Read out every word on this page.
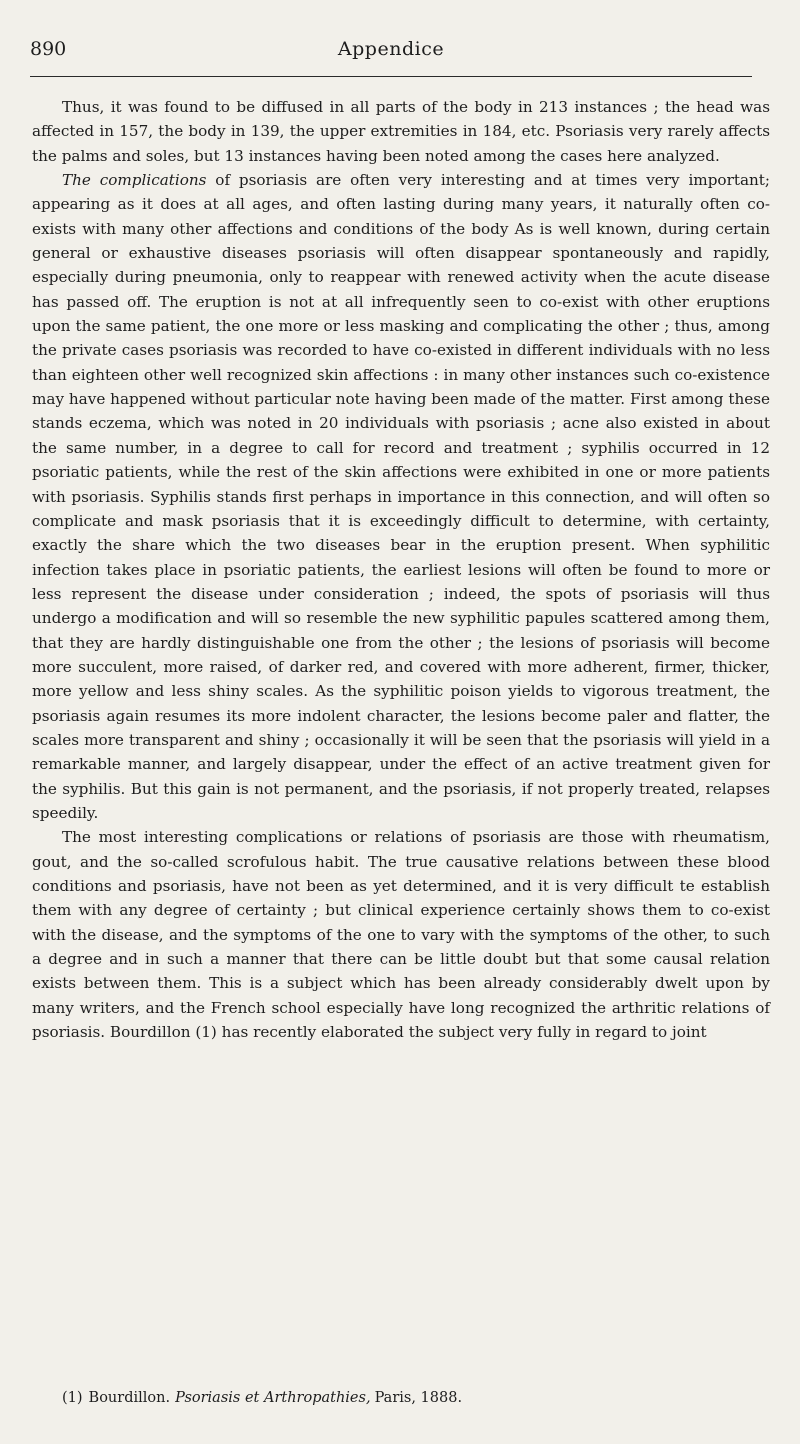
890	Appendice

Thus, it was found to be diffused in all parts of the body in 213 instances ; the head was affected in 157, the body in 139, the upper extremities in 184, etc. Psoriasis very rarely affects the palms and soles, but 13 instances having been noted among the cases here analyzed.

The complications of psoriasis are often very interesting and at times very important; appearing as it does at all ages, and often lasting during many years, it naturally often co-exists with many other affections and conditions of the body As is well known, during certain general or exhaustive diseases psoriasis will often disappear spontaneously and rapidly, especially during pneumonia, only to reappear with renewed activity when the acute disease has passed off. The eruption is not at all infrequently seen to co-exist with other eruptions upon the same patient, the one more or less masking and complicating the other ; thus, among the private cases psoriasis was recorded to have co-existed in different individuals with no less than eighteen other well recognized skin affections : in many other instances such co-existence may have happened without particular note having been made of the matter. First among these stands eczema, which was noted in 20 individuals with psoriasis ; acne also existed in about the same number, in a degree to call for record and treatment ; syphilis occurred in 12 psoriatic patients, while the rest of the skin affections were exhibited in one or more patients with psoriasis. Syphilis stands first perhaps in importance in this connection, and will often so complicate and mask psoriasis that it is exceedingly difficult to determine, with certainty, exactly the share which the two diseases bear in the eruption present. When syphilitic infection takes place in psoriatic patients, the earliest lesions will often be found to more or less represent the disease under consideration ; indeed, the spots of psoriasis will thus undergo a modification and will so resemble the new syphilitic papules scattered among them, that they are hardly distinguishable one from the other ; the lesions of psoriasis will become more succulent, more raised, of darker red, and covered with more adherent, firmer, thicker, more yellow and less shiny scales. As the syphilitic poison yields to vigorous treatment, the psoriasis again resumes its more indolent character, the lesions become paler and flatter, the scales more transparent and shiny ; occasionally it will be seen that the psoriasis will yield in a remarkable manner, and largely disappear, under the effect of an active treatment given for the syphilis. But this gain is not permanent, and the psoriasis, if not properly treated, relapses speedily.

The most interesting complications or relations of psoriasis are those with rheumatism, gout, and the so-called scrofulous habit. The true causative relations between these blood conditions and psoriasis, have not been as yet determined, and it is very difficult te establish them with any degree of certainty ; but clinical experience certainly shows them to co-exist with the disease, and the symptoms of the one to vary with the symptoms of the other, to such a degree and in such a manner that there can be little doubt but that some causal relation exists between them. This is a subject which has been already considerably dwelt upon by many writers, and the French school especially have long recognized the arthritic relations of psoriasis. Bourdillon (1) has recently elaborated the subject very fully in regard to joint

(1) Bourdillon. Psoriasis et Arthropathies, Paris, 1888.
